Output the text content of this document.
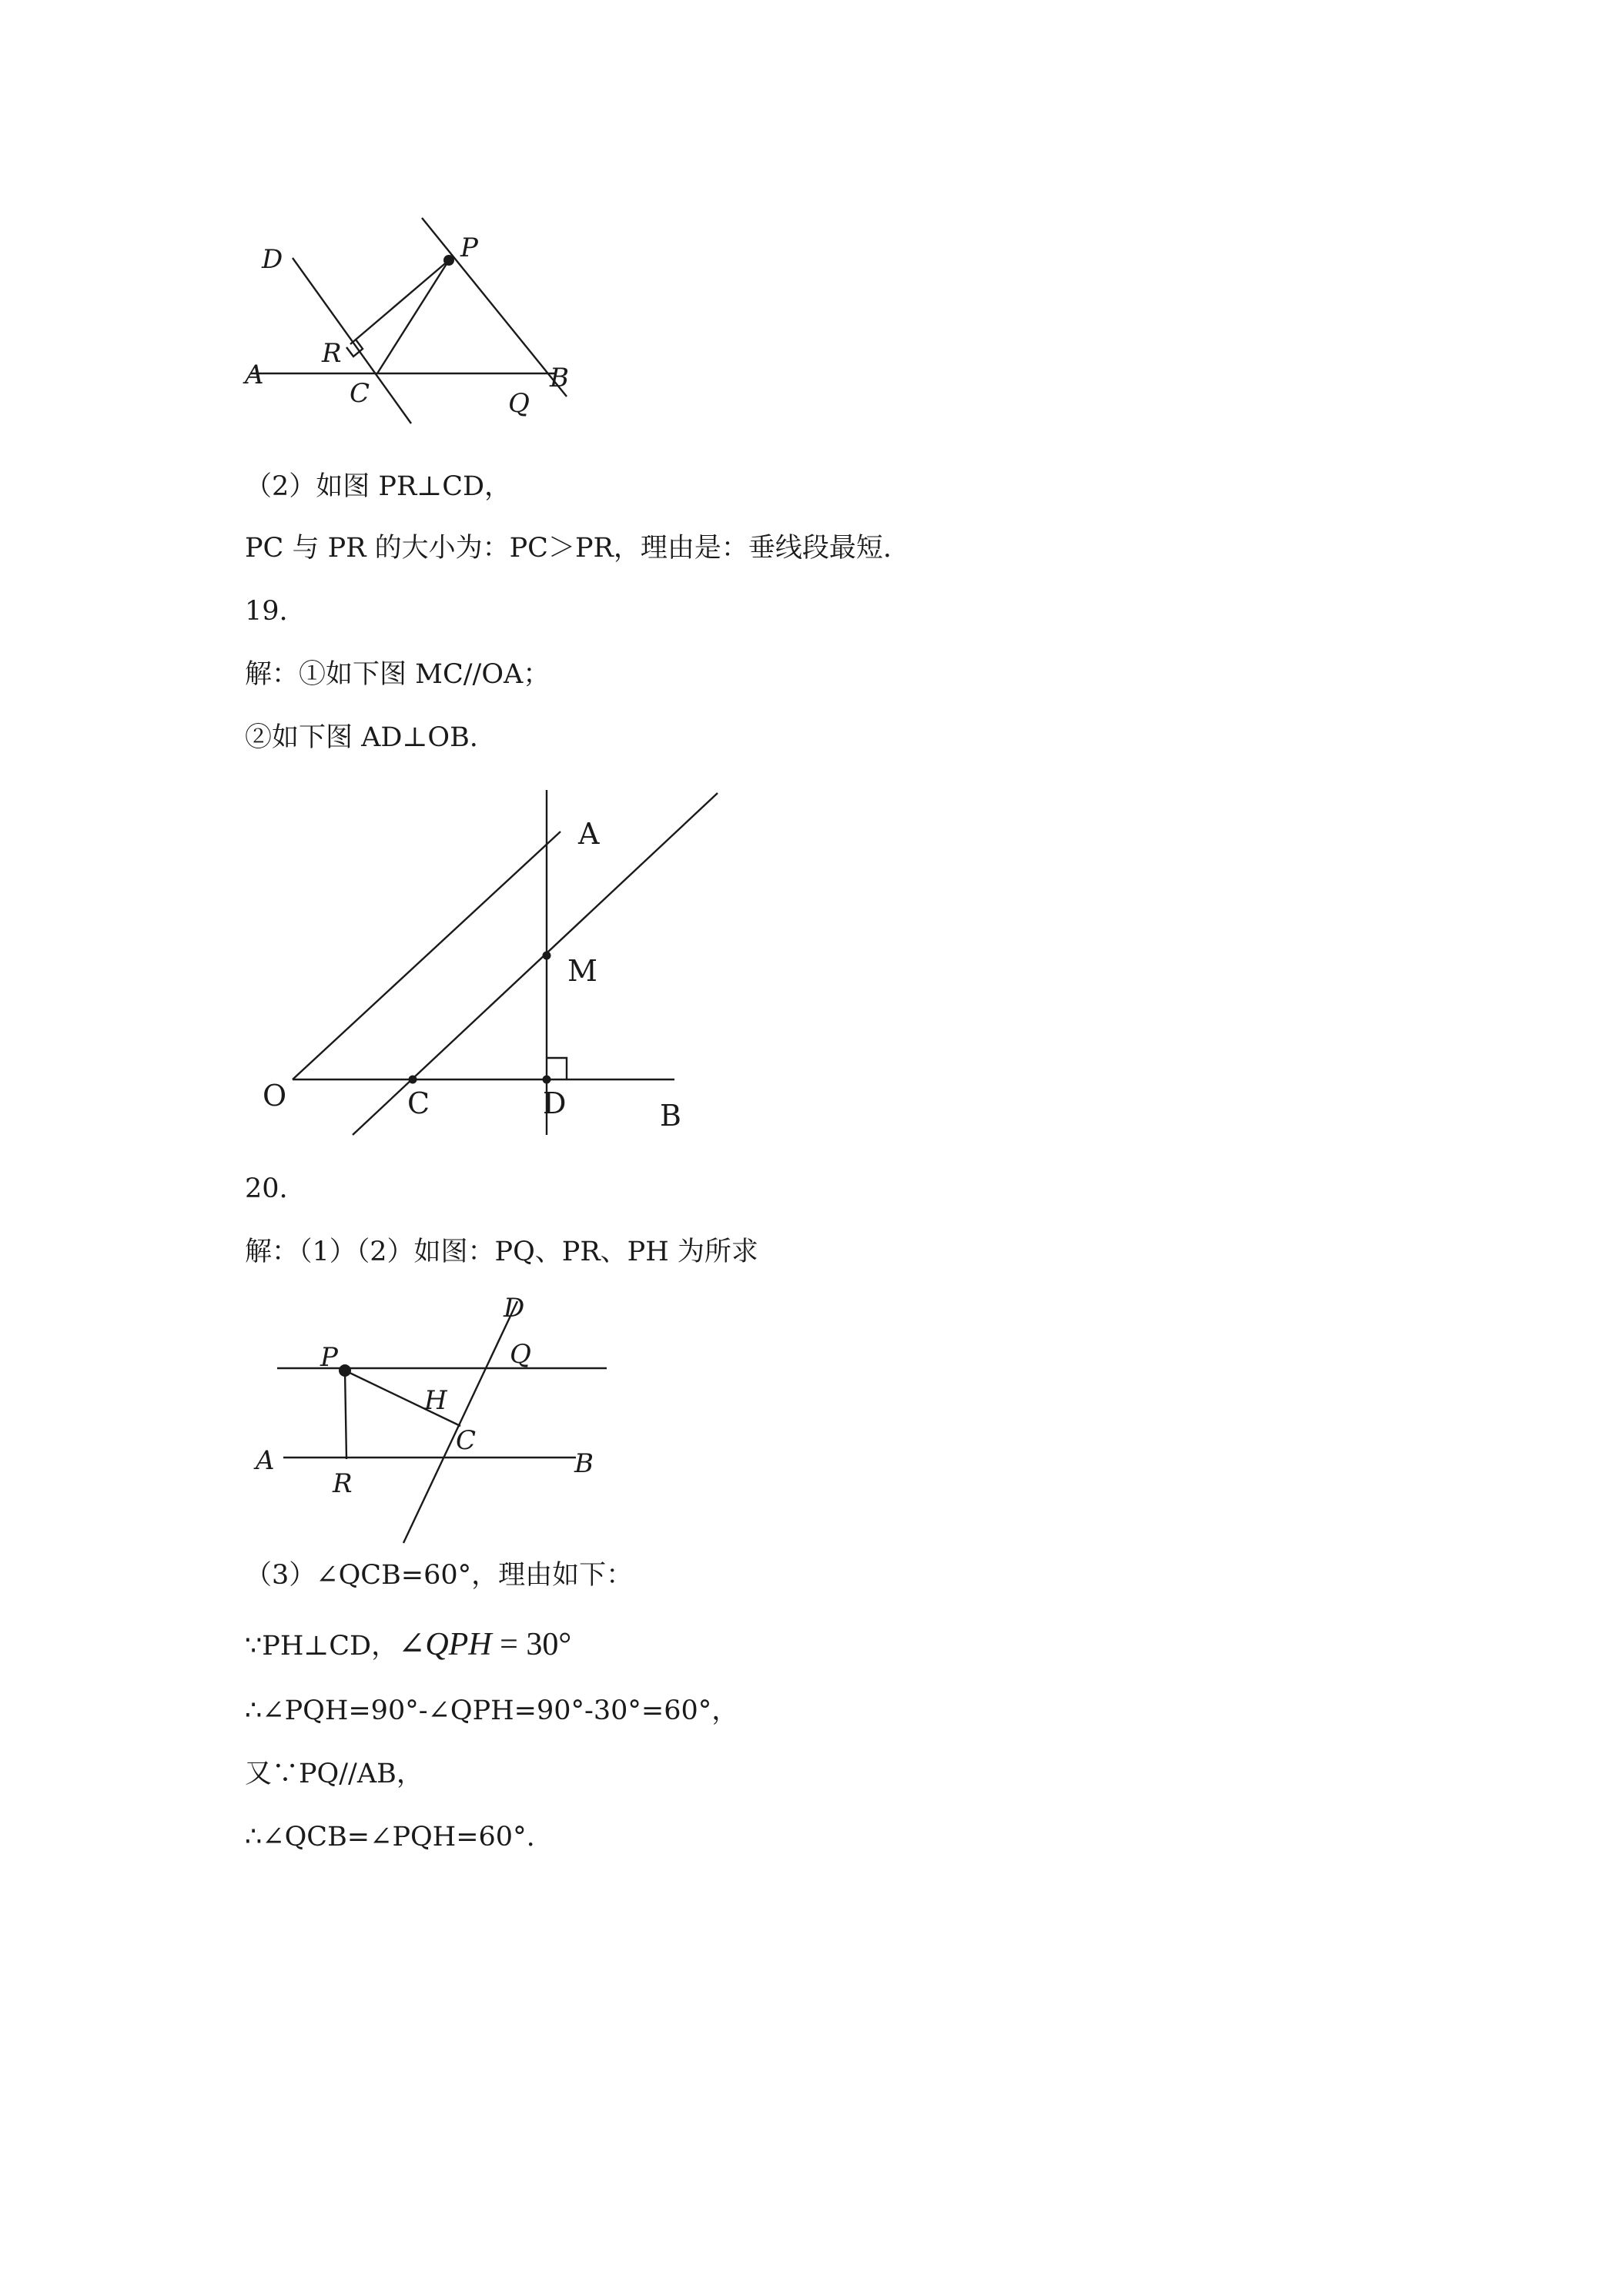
D	P
R
A
C	Q
B

（2）如图 PR⊥CD，

PC 与 PR 的大小为：PC＞PR，理由是：垂线段最短.

19.

解：①如下图 MC//OA；

②如下图 AD⊥OB.

A
M
O	C	D	B

20.

解：（1）（2）如图：PQ、PR、PH 为所求

D
P	Q
H
C
A	B
R

（3）∠QCB=60°，理由如下：

∵PH⊥CD，∠QPH = 30°

∴∠PQH=90°-∠QPH=90°-30°=60°，

又∵PQ//AB，

∴∠QCB=∠PQH=60°.
